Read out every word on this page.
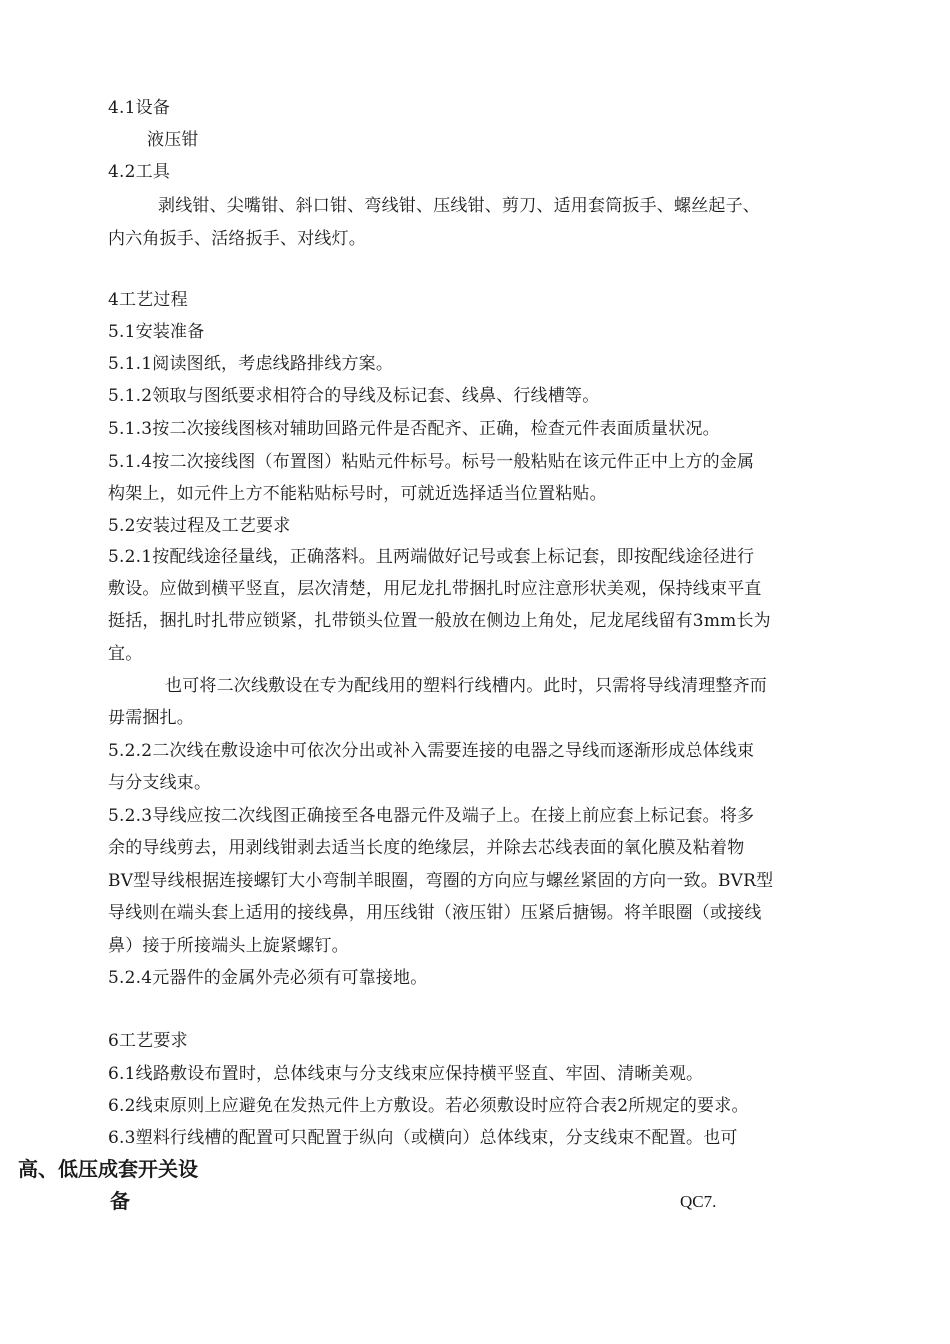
4.1设备
液压钳
4.2工具
剥线钳、尖嘴钳、斜口钳、弯线钳、压线钳、剪刀、适用套筒扳手、螺丝起子、
内六角扳手、活络扳手、对线灯。
4工艺过程
5.1安装准备
5.1.1阅读图纸，考虑线路排线方案。
5.1.2领取与图纸要求相符合的导线及标记套、线鼻、行线槽等。
5.1.3按二次接线图核对辅助回路元件是否配齐、正确，检查元件表面质量状况。
5.1.4按二次接线图（布置图）粘贴元件标号。标号一般粘贴在该元件正中上方的金属
构架上，如元件上方不能粘贴标号时，可就近选择适当位置粘贴。
5.2安装过程及工艺要求
5.2.1按配线途径量线，正确落料。且两端做好记号或套上标记套，即按配线途径进行
敷设。应做到横平竖直，层次清楚，用尼龙扎带捆扎时应注意形状美观，保持线束平直
挺括，捆扎时扎带应锁紧，扎带锁头位置一般放在侧边上角处，尼龙尾线留有3mm长为
宜。
也可将二次线敷设在专为配线用的塑料行线槽内。此时，只需将导线清理整齐而
毋需捆扎。
5.2.2二次线在敷设途中可依次分出或补入需要连接的电器之导线而逐渐形成总体线束
与分支线束。
5.2.3导线应按二次线图正确接至各电器元件及端子上。在接上前应套上标记套。将多
余的导线剪去，用剥线钳剥去适当长度的绝缘层，并除去芯线表面的氧化膜及粘着物
BV型导线根据连接螺钉大小弯制羊眼圈，弯圈的方向应与螺丝紧固的方向一致。BVR型
导线则在端头套上适用的接线鼻，用压线钳（液压钳）压紧后搪锡。将羊眼圈（或接线
鼻）接于所接端头上旋紧螺钉。
5.2.4元器件的金属外壳必须有可靠接地。
6工艺要求
6.1线路敷设布置时，总体线束与分支线束应保持横平竖直、牢固、清晰美观。
6.2线束原则上应避免在发热元件上方敷设。若必须敷设时应符合表2所规定的要求。
6.3塑料行线槽的配置可只配置于纵向（或横向）总体线束，分支线束不配置。也可
高、低压成套开关设
备	QC7.
